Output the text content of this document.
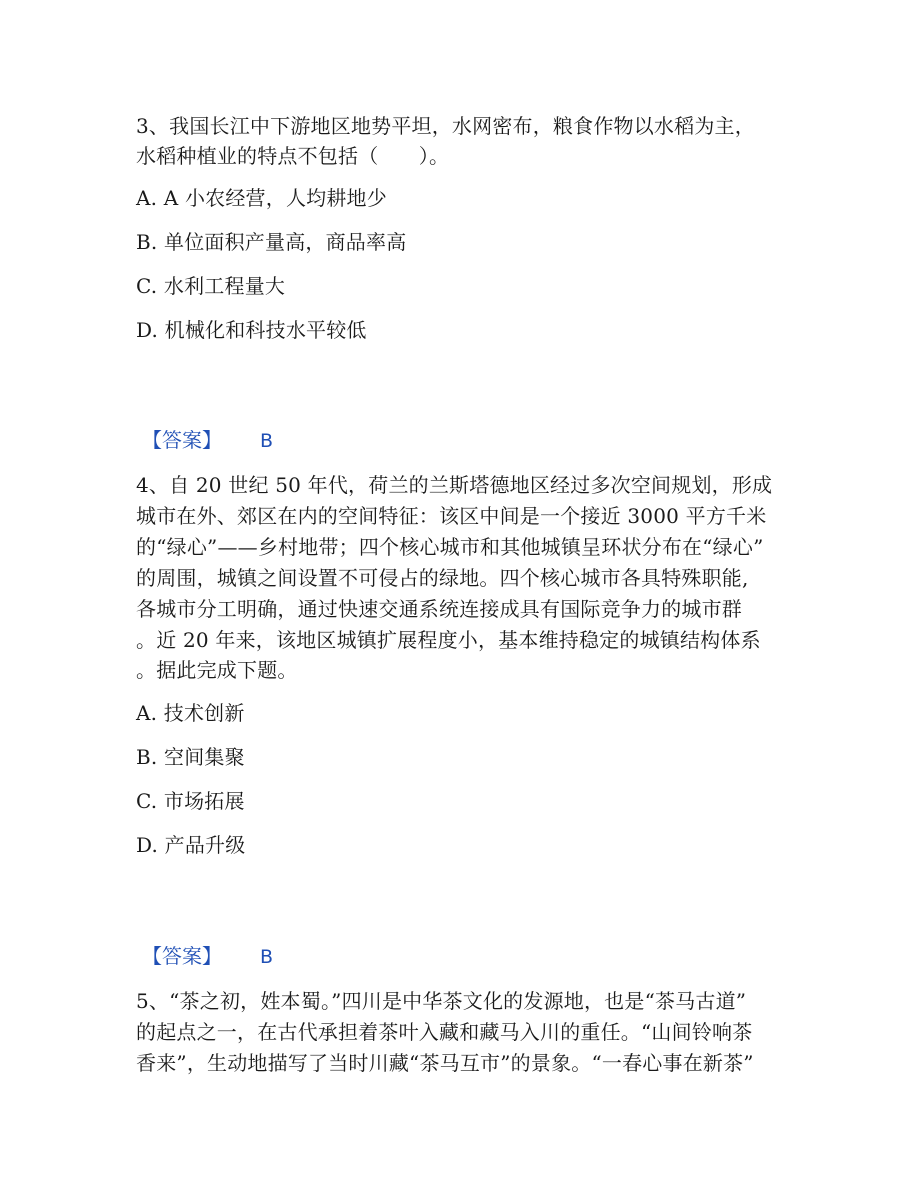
3、我国长江中下游地区地势平坦，水网密布，粮食作物以水稻为主，
水稻种植业的特点不包括（　　）。
A. A 小农经营，人均耕地少
B. 单位面积产量高，商品率高
C. 水利工程量大
D. 机械化和科技水平较低
【答案】 B
4、自 20 世纪 50 年代，荷兰的兰斯塔德地区经过多次空间规划，形成
城市在外、郊区在内的空间特征：该区中间是一个接近 3000 平方千米
的“绿心”——乡村地带；四个核心城市和其他城镇呈环状分布在“绿心”
的周围，城镇之间设置不可侵占的绿地。四个核心城市各具特殊职能,
各城市分工明确，通过快速交通系统连接成具有国际竞争力的城市群
。近 20 年来，该地区城镇扩展程度小，基本维持稳定的城镇结构体系
。据此完成下题。
A. 技术创新
B. 空间集聚
C. 市场拓展
D. 产品升级
【答案】 B
5、“茶之初，姓本蜀。”四川是中华茶文化的发源地，也是“茶马古道”
的起点之一，在古代承担着茶叶入藏和藏马入川的重任。“山间铃响茶
香来”，生动地描写了当时川藏“茶马互市”的景象。“一春心事在新茶”
